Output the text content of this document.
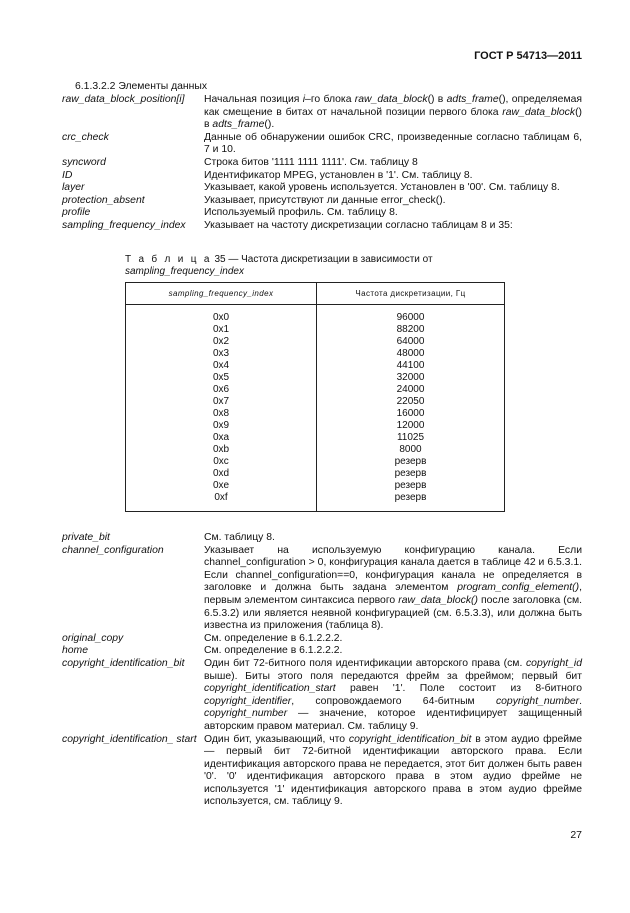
ГОСТ Р 54713—2011
6.1.3.2.2 Элементы данных
raw_data_block_position[i]	Начальная позиция i–го блока raw_data_block() в adts_frame(), определяемая как смещение в битах от начальной позиции первого блока raw_data_block() в adts_frame().
crc_check	Данные об обнаружении ошибок CRC, произведенные согласно таблицам 6, 7 и 10.
syncword	Строка битов '1111 1111 1111'. См. таблицу 8
ID	Идентификатор MPEG, установлен в '1'. См. таблицу 8.
layer	Указывает, какой уровень используется. Установлен в '00'. См. таблицу 8.
protection_absent	Указывает, присутствуют ли данные error_check().
profile	Используемый профиль. См. таблицу 8.
sampling_frequency_index	Указывает на частоту дискретизации согласно таблицам 8 и 35:
Т а б л и ц а 35 — Частота дискретизации в зависимости от sampling_frequency_index
sampling_frequency_index	Частота дискретизации, Гц

0x0	96000
0x1	88200
0x2	64000
0x3	48000
0x4	44100
0x5	32000
0x6	24000
0x7	22050
0x8	16000
0x9	12000
0xa	11025
0xb	8000
0xc	резерв
0xd	резерв
0xe	резерв
0xf	резерв

private_bit	См. таблицу 8.
channel_configuration	Указывает на используемую конфигурацию канала. Если channel_configuration > 0, конфигурация канала дается в таблице 42 и 6.5.3.1. Если channel_configuration==0, конфигурация канала не определяется в заголовке и должна быть задана элементом program_config_element(), первым элементом синтаксиса первого raw_data_block() после заголовка (см. 6.5.3.2) или является неявной конфигурацией (см. 6.5.3.3), или должна быть известна из приложения (таблица 8).
original_copy	См. определение в 6.1.2.2.2.
home	См. определение в 6.1.2.2.2.
copyright_identification_bit	Один бит 72-битного поля идентификации авторского права (см. copyright_id выше). Биты этого поля передаются фрейм за фреймом; первый бит copyright_identification_start равен '1'. Поле состоит из 8-битного copyright_identifier, сопровождаемого 64-битным copyright_number. copyright_number — значение, которое идентифицирует защищенный авторским правом материал. См. таблицу 9.
copyright_identification_ start Один бит, указывающий, что copyright_identification_bit в этом аудио фрейме — первый бит 72-битной идентификации авторского права. Если идентификация авторского права не передается, этот бит должен быть равен '0'. '0' идентификация авторского права в этом аудио фрейме не используется '1' идентификация авторского права в этом аудио фрейме используется, см. таблицу 9.
27
